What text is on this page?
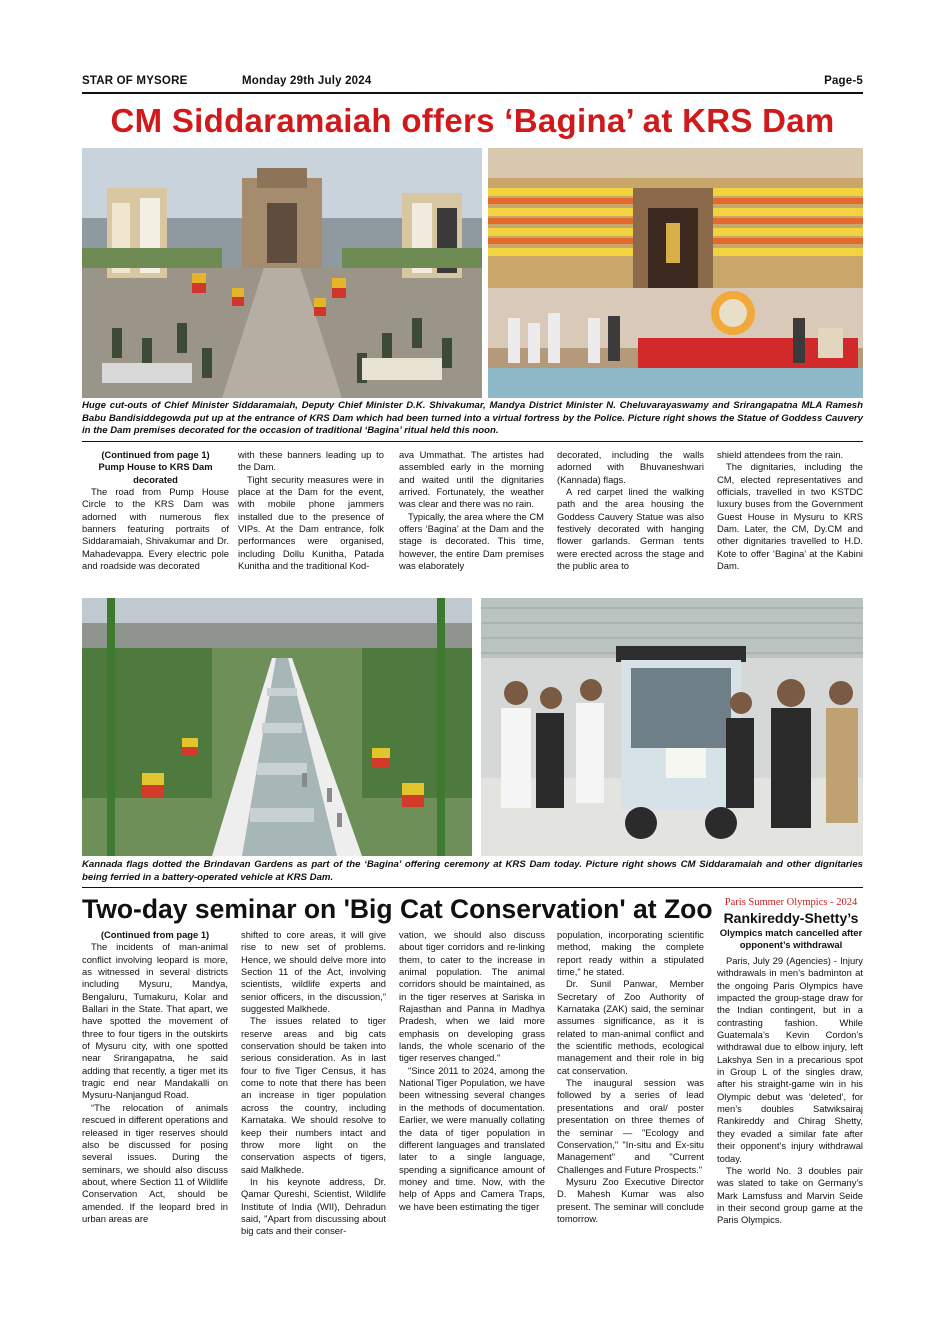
STAR OF MYSORE	Monday 29th July 2024	Page-5
CM Siddaramaiah offers ‘Bagina’ at KRS Dam
Huge cut-outs of Chief Minister Siddaramaiah, Deputy Chief Minister D.K. Shivakumar, Mandya District Minister N. Cheluvarayaswamy and Srirangapatna MLA Ramesh Babu Bandisiddegowda put up at the entrance of KRS Dam which had been turned into a virtual fortress by the Police. Picture right shows the Statue of Goddess Cauvery in the Dam premises decorated for the occasion of traditional ‘Bagina’ ritual held this noon.

(Continued from page 1)

Pump House to KRS Dam decorated

The road from Pump House Circle to the KRS Dam was adorned with numerous flex banners featuring portraits of Siddaramaiah, Shivakumar and Dr. Mahadevappa. Every electric pole and roadside was decorated

with these banners leading up to the Dam.

Tight security measures were in place at the Dam for the event, with mobile phone jammers installed due to the presence of VIPs. At the Dam entrance, folk performances were organised, including Dollu Kunitha, Patada Kunitha and the traditional Kod-

ava Ummathat. The artistes had assembled early in the morning and waited until the dignitaries arrived. Fortunately, the weather was clear and there was no rain.

Typically, the area where the CM offers ‘Bagina’ at the Dam and the stage is decorated. This time, however, the entire Dam premises was elaborately

decorated, including the walls adorned with Bhuvaneshwari (Kannada) flags.

A red carpet lined the walking path and the area housing the Goddess Cauvery Statue was also festively decorated with hanging flower garlands. German tents were erected across the stage and the public area to

shield attendees from the rain.

The dignitaries, including the CM, elected representatives and officials, travelled in two KSTDC luxury buses from the Government Guest House in Mysuru to KRS Dam. Later, the CM, Dy.CM and other dignitaries travelled to H.D. Kote to offer ‘Bagina’ at the Kabini Dam.

Kannada flags dotted the Brindavan Gardens as part of the ‘Bagina’ offering ceremony at KRS Dam today. Picture right shows CM Siddaramaiah and other dignitaries being ferried in a battery-operated vehicle at KRS Dam.
Two-day seminar on 'Big Cat Conservation' at Zoo

(Continued from page 1)

The incidents of man-animal conflict involving leopard is more, as witnessed in several districts including Mysuru, Mandya, Bengaluru, Tumakuru, Kolar and Ballari in the State. That apart, we have spotted the movement of three to four tigers in the outskirts of Mysuru city, with one spotted near Srirangapatna, he said adding that recently, a tiger met its tragic end near Mandakalli on Mysuru-Nanjangud Road.

“The relocation of animals rescued in different operations and released in tiger reserves should also be discussed for posing several issues. During the seminars, we should also discuss about, where Section 11 of Wildlife Conservation Act, should be amended. If the leopard bred in urban areas are

shifted to core areas, it will give rise to new set of problems. Hence, we should delve more into Section 11 of the Act, involving scientists, wildlife experts and senior officers, in the discussion,” suggested Malkhede.

The issues related to tiger reserve areas and big cats conservation should be taken into serious consideration. As in last four to five Tiger Census, it has come to note that there has been an increase in tiger population across the country, including Karnataka. We should resolve to keep their numbers intact and throw more light on the conservation aspects of tigers, said Malkhede.

In his keynote address, Dr. Qamar Qureshi, Scientist, Wildlife Institute of India (WII), Dehradun said, "Apart from discussing about big cats and their conser-

vation, we should also discuss about tiger corridors and re-linking them, to cater to the increase in animal population. The animal corridors should be maintained, as in the tiger reserves at Sariska in Rajasthan and Panna in Madhya Pradesh, when we laid more emphasis on developing grass lands, the whole scenario of the tiger reserves changed."

"Since 2011 to 2024, among the National Tiger Population, we have been witnessing several changes in the methods of documentation. Earlier, we were manually collating the data of tiger population in different languages and translated later to a single language, spending a significance amount of money and time. Now, with the help of Apps and Camera Traps, we have been estimating the tiger

population, incorporating scientific method, making the complete report ready within a stipulated time," he stated.

Dr. Sunil Panwar, Member Secretary of Zoo Authority of Karnataka (ZAK) said, the seminar assumes significance, as it is related to man-animal conflict and the scientific methods, ecological management and their role in big cat conservation.

The inaugural session was followed by a series of lead presentations and oral/ poster presentation on three themes of the seminar — "Ecology and Conservation," "In-situ and Ex-situ Management" and "Current Challenges and Future Prospects."

Mysuru Zoo Executive Director D. Mahesh Kumar was also present. The seminar will conclude tomorrow.

Paris Summer Olympics - 2024
Rankireddy-Shetty’s
Olympics match cancelled after opponent’s withdrawal

Paris, July 29 (Agencies) - Injury withdrawals in men’s badminton at the ongoing Paris Olympics have impacted the group-stage draw for the Indian contingent, but in a contrasting fashion. While Guatemala’s Kevin Cordon’s withdrawal due to elbow injury, left Lakshya Sen in a precarious spot in Group L of the singles draw, after his straight-game win in his Olympic debut was ‘deleted’, for men’s doubles Satwiksairaj Rankireddy and Chirag Shetty, they evaded a similar fate after their opponent’s injury withdrawal today.

The world No. 3 doubles pair was slated to take on Germany’s Mark Lamsfuss and Marvin Seide in their second group game at the Paris Olympics.
